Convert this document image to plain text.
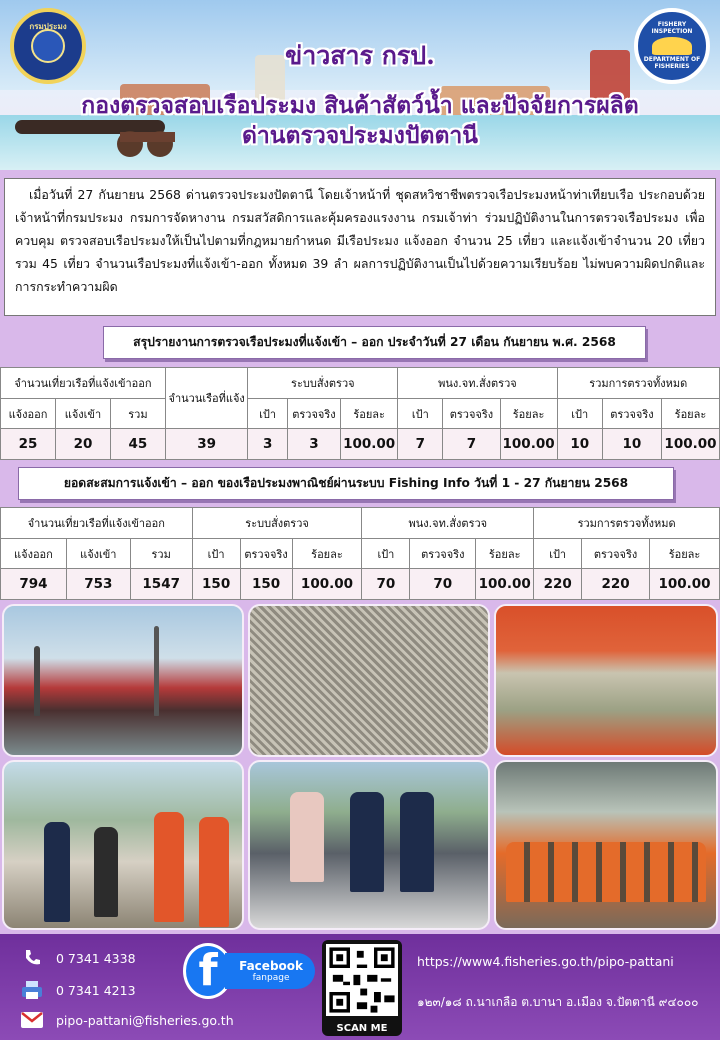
กรมประมง	FISHERY INSPECTION
DEPARTMENT OF FISHERIES
ข่าวสาร กรป.
กองตรวจสอบเรือประมง สินค้าสัตว์น้ำ และปัจจัยการผลิต
ด่านตรวจประมงปัตตานี
เมื่อวันที่ 27 กันยายน 2568 ด่านตรวจประมงปัตตานี โดยเจ้าหน้าที่ ชุดสหวิชาชีพตรวจเรือประมงหน้าท่าเทียบเรือ ประกอบด้วยเจ้าหน้าที่กรมประมง กรมการจัดหางาน กรมสวัสดิการและคุ้มครองแรงงาน กรมเจ้าท่า ร่วมปฏิบัติงานในการตรวจเรือประมง เพื่อควบคุม ตรวจสอบเรือประมงให้เป็นไปตามที่กฎหมายกำหนด มีเรือประมง แจ้งออก จำนวน 25 เที่ยว และแจ้งเข้าจำนวน 20 เที่ยว รวม 45 เที่ยว จำนวนเรือประมงที่แจ้งเข้า-ออก ทั้งหมด 39 ลำ ผลการปฏิบัติงานเป็นไปด้วยความเรียบร้อย ไม่พบความผิดปกติและการกระทำความผิด
สรุปรายงานการตรวจเรือประมงที่แจ้งเข้า – ออก ประจำวันที่ 27 เดือน กันยายน พ.ศ. 2568
จำนวนเที่ยวเรือที่แจ้งเข้าออก			จำนวนเรือที่แจ้ง	ระบบสั่งตรวจ			พนง.จท.สั่งตรวจ			รวมการตรวจทั้งหมด		
แจ้งออก	แจ้งเข้า	รวม		เป้า	ตรวจจริง	ร้อยละ	เป้า	ตรวจจริง	ร้อยละ	เป้า	ตรวจจริง	ร้อยละ
25	20	45	39	3	3	100.00	7	7	100.00	10	10	100.00
ยอดสะสมการแจ้งเข้า – ออก ของเรือประมงพาณิชย์ผ่านระบบ Fishing Info วันที่ 1 - 27 กันยายน 2568
จำนวนเที่ยวเรือที่แจ้งเข้าออก			ระบบสั่งตรวจ			พนง.จท.สั่งตรวจ			รวมการตรวจทั้งหมด		
แจ้งออก	แจ้งเข้า	รวม	เป้า	ตรวจจริง	ร้อยละ	เป้า	ตรวจจริง	ร้อยละ	เป้า	ตรวจจริง	ร้อยละ
794	753	1547	150	150	100.00	70	70	100.00	220	220	100.00
0 7341 4338
0 7341 4213
pipo-pattani@fisheries.go.th
f	Facebook
fanpage
SCAN ME
https://www4.fisheries.go.th/pipo-pattani
๑๒๓/๑๘ ถ.นาเกลือ ต.บานา อ.เมือง จ.ปัตตานี ๙๔๐๐๐
